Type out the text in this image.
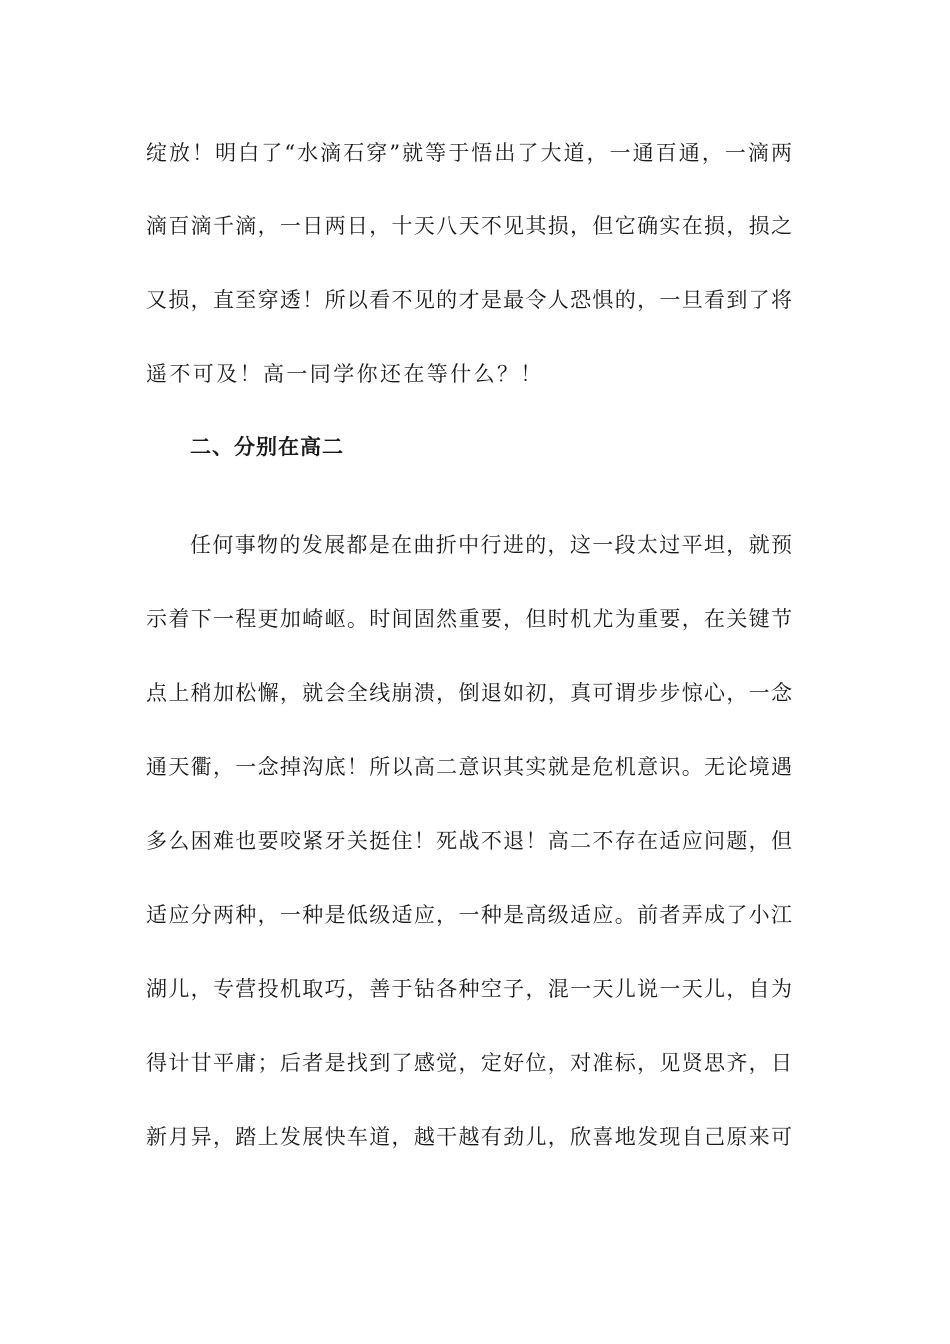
绽放！明白了“水滴石穿”就等于悟出了大道，一通百通，一滴两
滴百滴千滴，一日两日，十天八天不见其损，但它确实在损，损之
又损，直至穿透！所以看不见的才是最令人恐惧的，一旦看到了将
遥不可及！高一同学你还在等什么？！
二、分别在高二
任何事物的发展都是在曲折中行进的，这一段太过平坦，就预
示着下一程更加崎岖。时间固然重要，但时机尤为重要，在关键节
点上稍加松懈，就会全线崩溃，倒退如初，真可谓步步惊心，一念
通天衢，一念掉沟底！所以高二意识其实就是危机意识。无论境遇
多么困难也要咬紧牙关挺住！死战不退！高二不存在适应问题，但
适应分两种，一种是低级适应，一种是高级适应。前者弄成了小江
湖儿，专营投机取巧，善于钻各种空子，混一天儿说一天儿，自为
得计甘平庸；后者是找到了感觉，定好位，对准标，见贤思齐，日
新月异，踏上发展快车道，越干越有劲儿，欣喜地发现自己原来可
